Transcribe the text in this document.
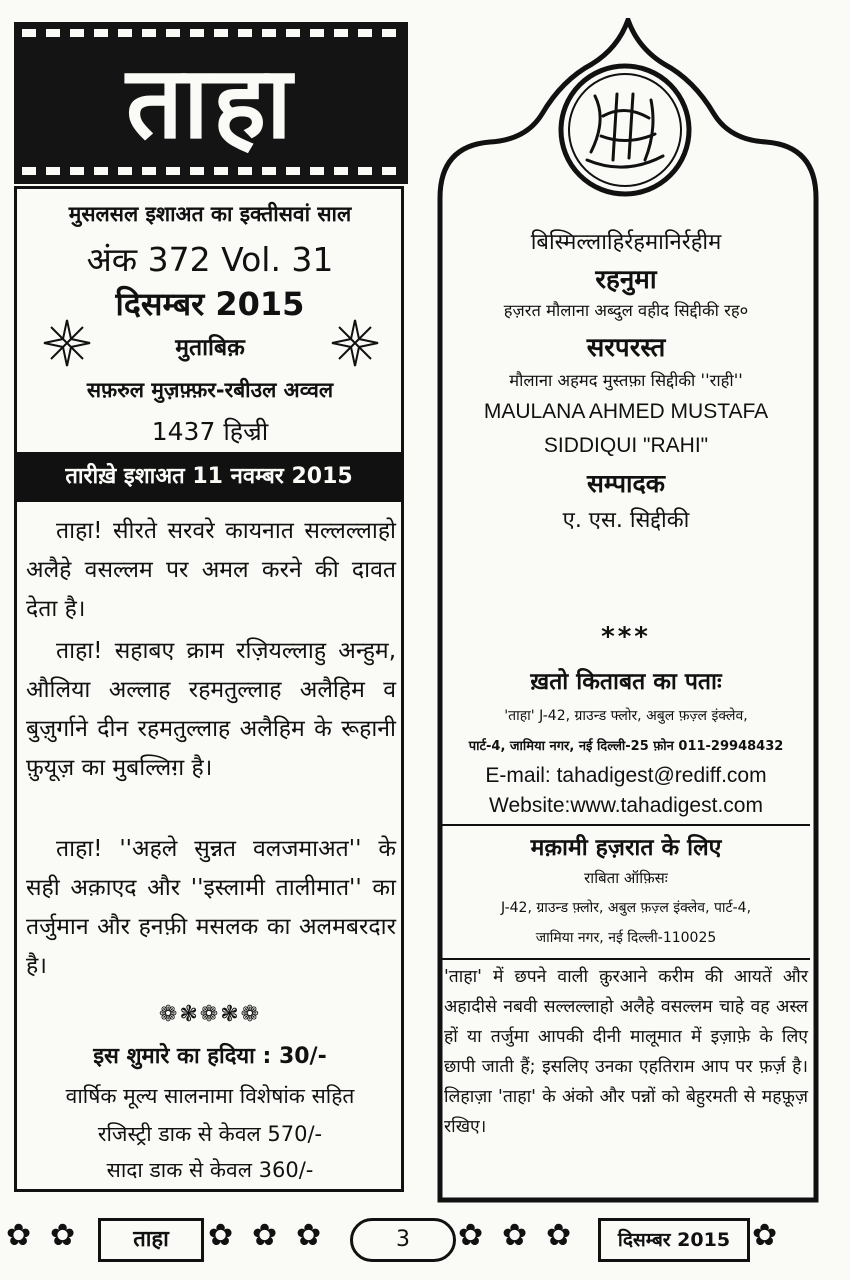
ताहा
मुसलसल इशाअत का इक्तीसवां साल
अंक 372 Vol. 31
दिसम्बर 2015
मुताबिक़
सफ़रुल मुज़फ़्फ़र-रबीउल अव्वल
1437 हिज्री
तारीख़े इशाअत 11 नवम्बर 2015
ताहा! सीरते सरवरे कायनात सल्लल्लाहो अलैहे वसल्लम पर अमल करने की दावत देता है।
ताहा! सहाबए क्राम रज़ियल्लाहु अन्हुम, औलिया अल्लाह रहमतुल्लाह अलैहिम व बुज़ुर्गाने दीन रहमतुल्लाह अलैहिम के रूहानी फ़ुयूज़ का मुबल्लिग़ है।
ताहा! ''अहले सुन्नत वलजमाअत'' के सही अक़ाएद और ''इस्लामी तालीमात'' का तर्जुमान और हनफ़ी मसलक का अलमबरदार है।
❁❃❁❃❁
इस शुमारे का हदिया : 30/-
वार्षिक मूल्य सालनामा विशेषांक सहित
रजिस्ट्री डाक से केवल 570/-
सादा डाक से केवल 360/-
बिस्मिल्लाहिर्रहमानिर्रहीम
रहनुमा
हज़रत मौलाना अब्दुल वहीद सिद्दीकी रह०
सरपरस्त
मौलाना अहमद मुस्तफ़ा सिद्दीकी ''राही''
MAULANA AHMED MUSTAFA
SIDDIQUI "RAHI"
सम्पादक
ए. एस. सिद्दीकी
***
ख़तो किताबत का पताः
'ताहा' J-42, ग्राउन्ड फ्लोर, अबुल फ़ज़्ल इंक्लेव,
पार्ट-4, जामिया नगर, नई दिल्ली-25 फ़ोन 011-29948432
E-mail: tahadigest@rediff.com
Website:www.tahadigest.com
मक़ामी हज़रात के लिए
राबिता ऑफ़िसः
J-42, ग्राउन्ड फ़्लोर, अबुल फ़ज़्ल इंक्लेव, पार्ट-4,
जामिया नगर, नई दिल्ली-110025
'ताहा' में छपने वाली क़ुरआने करीम की आयतें और अहादीसे नबवी सल्लल्लाहो अलैहे वसल्लम चाहे वह अस्ल हों या तर्जुमा आपकी दीनी मालूमात में इज़ाफ़े के लिए छापी जाती हैं; इसलिए उनका एहतिराम आप पर फ़र्ज़ है। लिहाज़ा 'ताहा' के अंको और पन्नों को बेहुरमती से महफ़ूज़ रखिए।
✿ ✿	ताहा	✿ ✿ ✿	3	✿ ✿ ✿	दिसम्बर 2015 ✿
